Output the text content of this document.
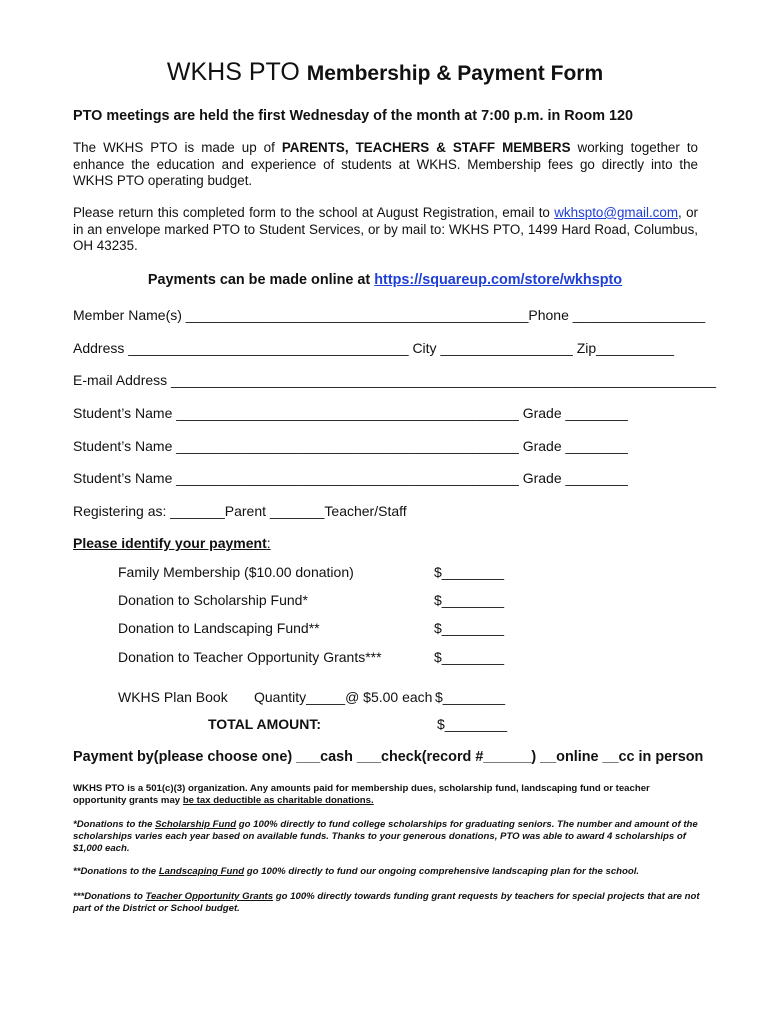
WKHS PTO Membership & Payment Form
PTO meetings are held the first Wednesday of the month at 7:00 p.m. in Room 120
The WKHS PTO is made up of PARENTS, TEACHERS & STAFF MEMBERS working together to enhance the education and experience of students at WKHS. Membership fees go directly into the WKHS PTO operating budget.
Please return this completed form to the school at August Registration, email to wkhspto@gmail.com, or in an envelope marked PTO to Student Services, or by mail to: WKHS PTO, 1499 Hard Road, Columbus, OH 43235.
Payments can be made online at https://squareup.com/store/wkhspto
Member Name(s) ____________________________________________Phone _________________
Address ____________________________________ City _________________ Zip__________
E-mail Address ______________________________________________________________________
Student’s Name ____________________________________________ Grade ________
Student’s Name ____________________________________________ Grade ________
Student’s Name ____________________________________________ Grade ________
Registering as: _______Parent _______Teacher/Staff
Please identify your payment:
Family Membership ($10.00 donation)	$________
Donation to Scholarship Fund*	$________
Donation to Landscaping Fund**	$________
Donation to Teacher Opportunity Grants***	$________
WKHS Plan Book Quantity_____@ $5.00 each $________
TOTAL AMOUNT:	$________
Payment by(please choose one) ___cash ___check(record #______) __online __cc in person
WKHS PTO is a 501(c)(3) organization. Any amounts paid for membership dues, scholarship fund, landscaping fund or teacher opportunity grants may be tax deductible as charitable donations.
*Donations to the Scholarship Fund go 100% directly to fund college scholarships for graduating seniors. The number and amount of the scholarships varies each year based on available funds. Thanks to your generous donations, PTO was able to award 4 scholarships of $1,000 each.
**Donations to the Landscaping Fund go 100% directly to fund our ongoing comprehensive landscaping plan for the school.
***Donations to Teacher Opportunity Grants go 100% directly towards funding grant requests by teachers for special projects that are not part of the District or School budget.
